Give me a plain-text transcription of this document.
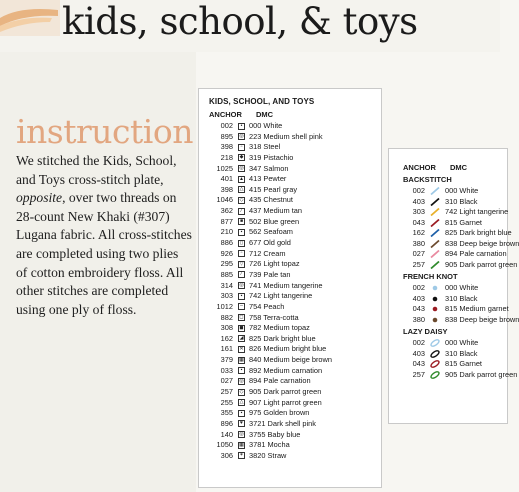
kids, school, & toys
instruction

We stitched the Kids, School, and Toys cross-stitch plate, opposite, over two threads on 28-count New Khaki (#307) Lugana fabric. All cross-stitches are completed using two plies of cotton embroidery floss. All other stitches are completed using one ply of floss.

KIDS, SCHOOL, AND TOYS
ANCHOR DMC
002	• 000 White
895 ◎ 223 Medium shell pink
398	▫ 318 Steel
218	◆ 319 Pistachio
1025 ◎ 347 Salmon
401 ▲ 413 Pewter
398	△ 415 Pearl gray
1046	◇ 435 Chestnut
362	⁄ 437 Medium tan
877	■ 502 Blue green
210	▪ 562 Seafoam
886	▯ 677 Old gold
926	▫ 712 Cream
295	▽ 726 Light topaz
885	⁄ 739 Pale tan
314 ◎ 741 Medium tangerine
303	▪ 742 Light tangerine
1012	– 754 Peach
882 ◻ 758 Terra-cotta
308 ◼ 782 Medium topaz
162	◢ 825 Dark bright blue
161 ✕ 826 Medium bright blue
379 ▦ 840 Medium beige brown
033	▪ 892 Medium carnation
027 ◎ 894 Pale carnation
257	◇ 905 Dark parrot green
255	△ 907 Light parrot green
355	▪ 975 Golden brown
896	♥ 3721 Dark shell pink
140 ◎ 3755 Baby blue
1050 ▦ 3781 Mocha
306 ✶ 3820 Straw
ANCHOR DMC
BACKSTITCH
002	000 White
403	310 Black
303	742 Light tangerine
043	815 Garnet
162	825 Dark bright blue
380	838 Deep beige brown
027	894 Pale carnation
257	905 Dark parrot green
FRENCH KNOT
002	000 White
403	310 Black
043	815 Medium garnet
380	838 Deep beige brown
LAZY DAISY
002	000 White
403	310 Black
043	815 Garnet
257	905 Dark parrot green
